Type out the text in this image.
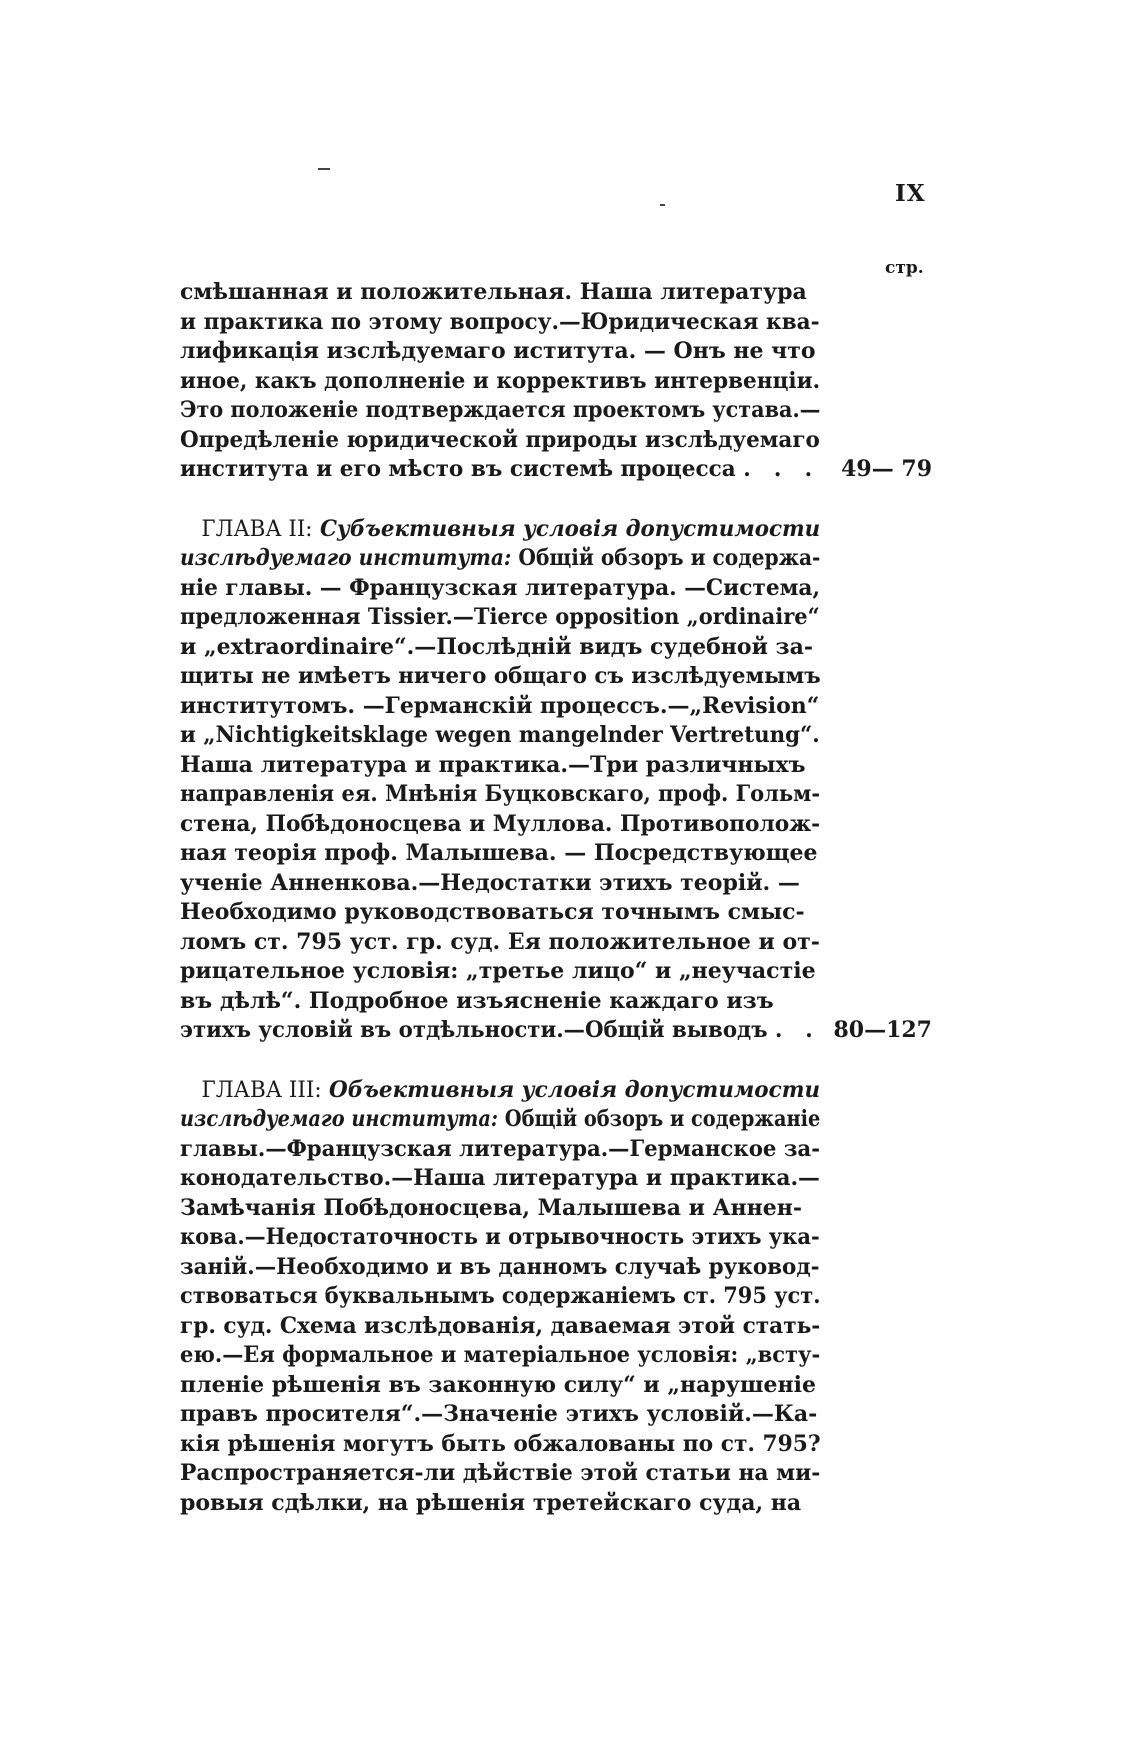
IX
стр.
смѣшанная и положительная. Наша литература
и практика по этому вопросу.—Юридическая ква-
лификація изслѣдуемаго иститута. — Онъ не что
иное, какъ дополненіе и коррективъ интервенціи.
Это положеніе подтверждается проектомъ устава.—
Опредѣленіе юридической природы изслѣдуемаго
института и его мѣсто въ системѣ процесса . . . 49— 79
 ГЛАВА II: Субъективныя условія допустимости
изслѣдуемаго института: Общій обзоръ и содержа-
ніе главы. — Французская литература. —Система,
предложенная Tissier.—Tierce opposition „ordinaire“
и „extraordinaire“.—Послѣдній видъ судебной за-
щиты не имѣетъ ничего общаго съ изслѣдуемымъ
институтомъ. —Германскій процессъ.—„Revision“
и „Nichtigkeitsklage wegen mangelnder Vertretung“.
Наша литература и практика.—Три различныхъ
направленія ея. Мнѣнія Буцковскаго, проф. Гольм-
стена, Побѣдоносцева и Муллова. Противополож-
ная теорія проф. Малышева. — Посредствующее
ученіе Анненкова.—Недостатки этихъ теорій. —
Необходимо руководствоваться точнымъ смыс-
ломъ ст. 795 уст. гр. суд. Ея положительное и от-
рицательное условія: „третье лицо“ и „неучастіе
въ дѣлѣ“. Подробное изъясненіе каждаго изъ
этихъ условій въ отдѣльности.—Общій выводъ . . 80—127
 ГЛАВА III: Объективныя условія допустимости
изслѣдуемаго института: Общій обзоръ и содержаніе
главы.—Французская литература.—Германское за-
конодательство.—Наша литература и практика.—
Замѣчанія Побѣдоносцева, Малышева и Аннен-
кова.—Недостаточность и отрывочность этихъ ука-
заній.—Необходимо и въ данномъ случаѣ руковод-
ствоваться буквальнымъ содержаніемъ ст. 795 уст.
гр. суд. Схема изслѣдованія, даваемая этой стать-
ею.—Ея формальное и матеріальное условія: „всту-
пленіе рѣшенія въ законную силу“ и „нарушеніе
правъ просителя“.—Значеніе этихъ условій.—Ка-
кія рѣшенія могутъ быть обжалованы по ст. 795?
Распространяется-ли дѣйствіе этой статьи на ми-
ровыя сдѣлки, на рѣшенія третейскаго суда, на
